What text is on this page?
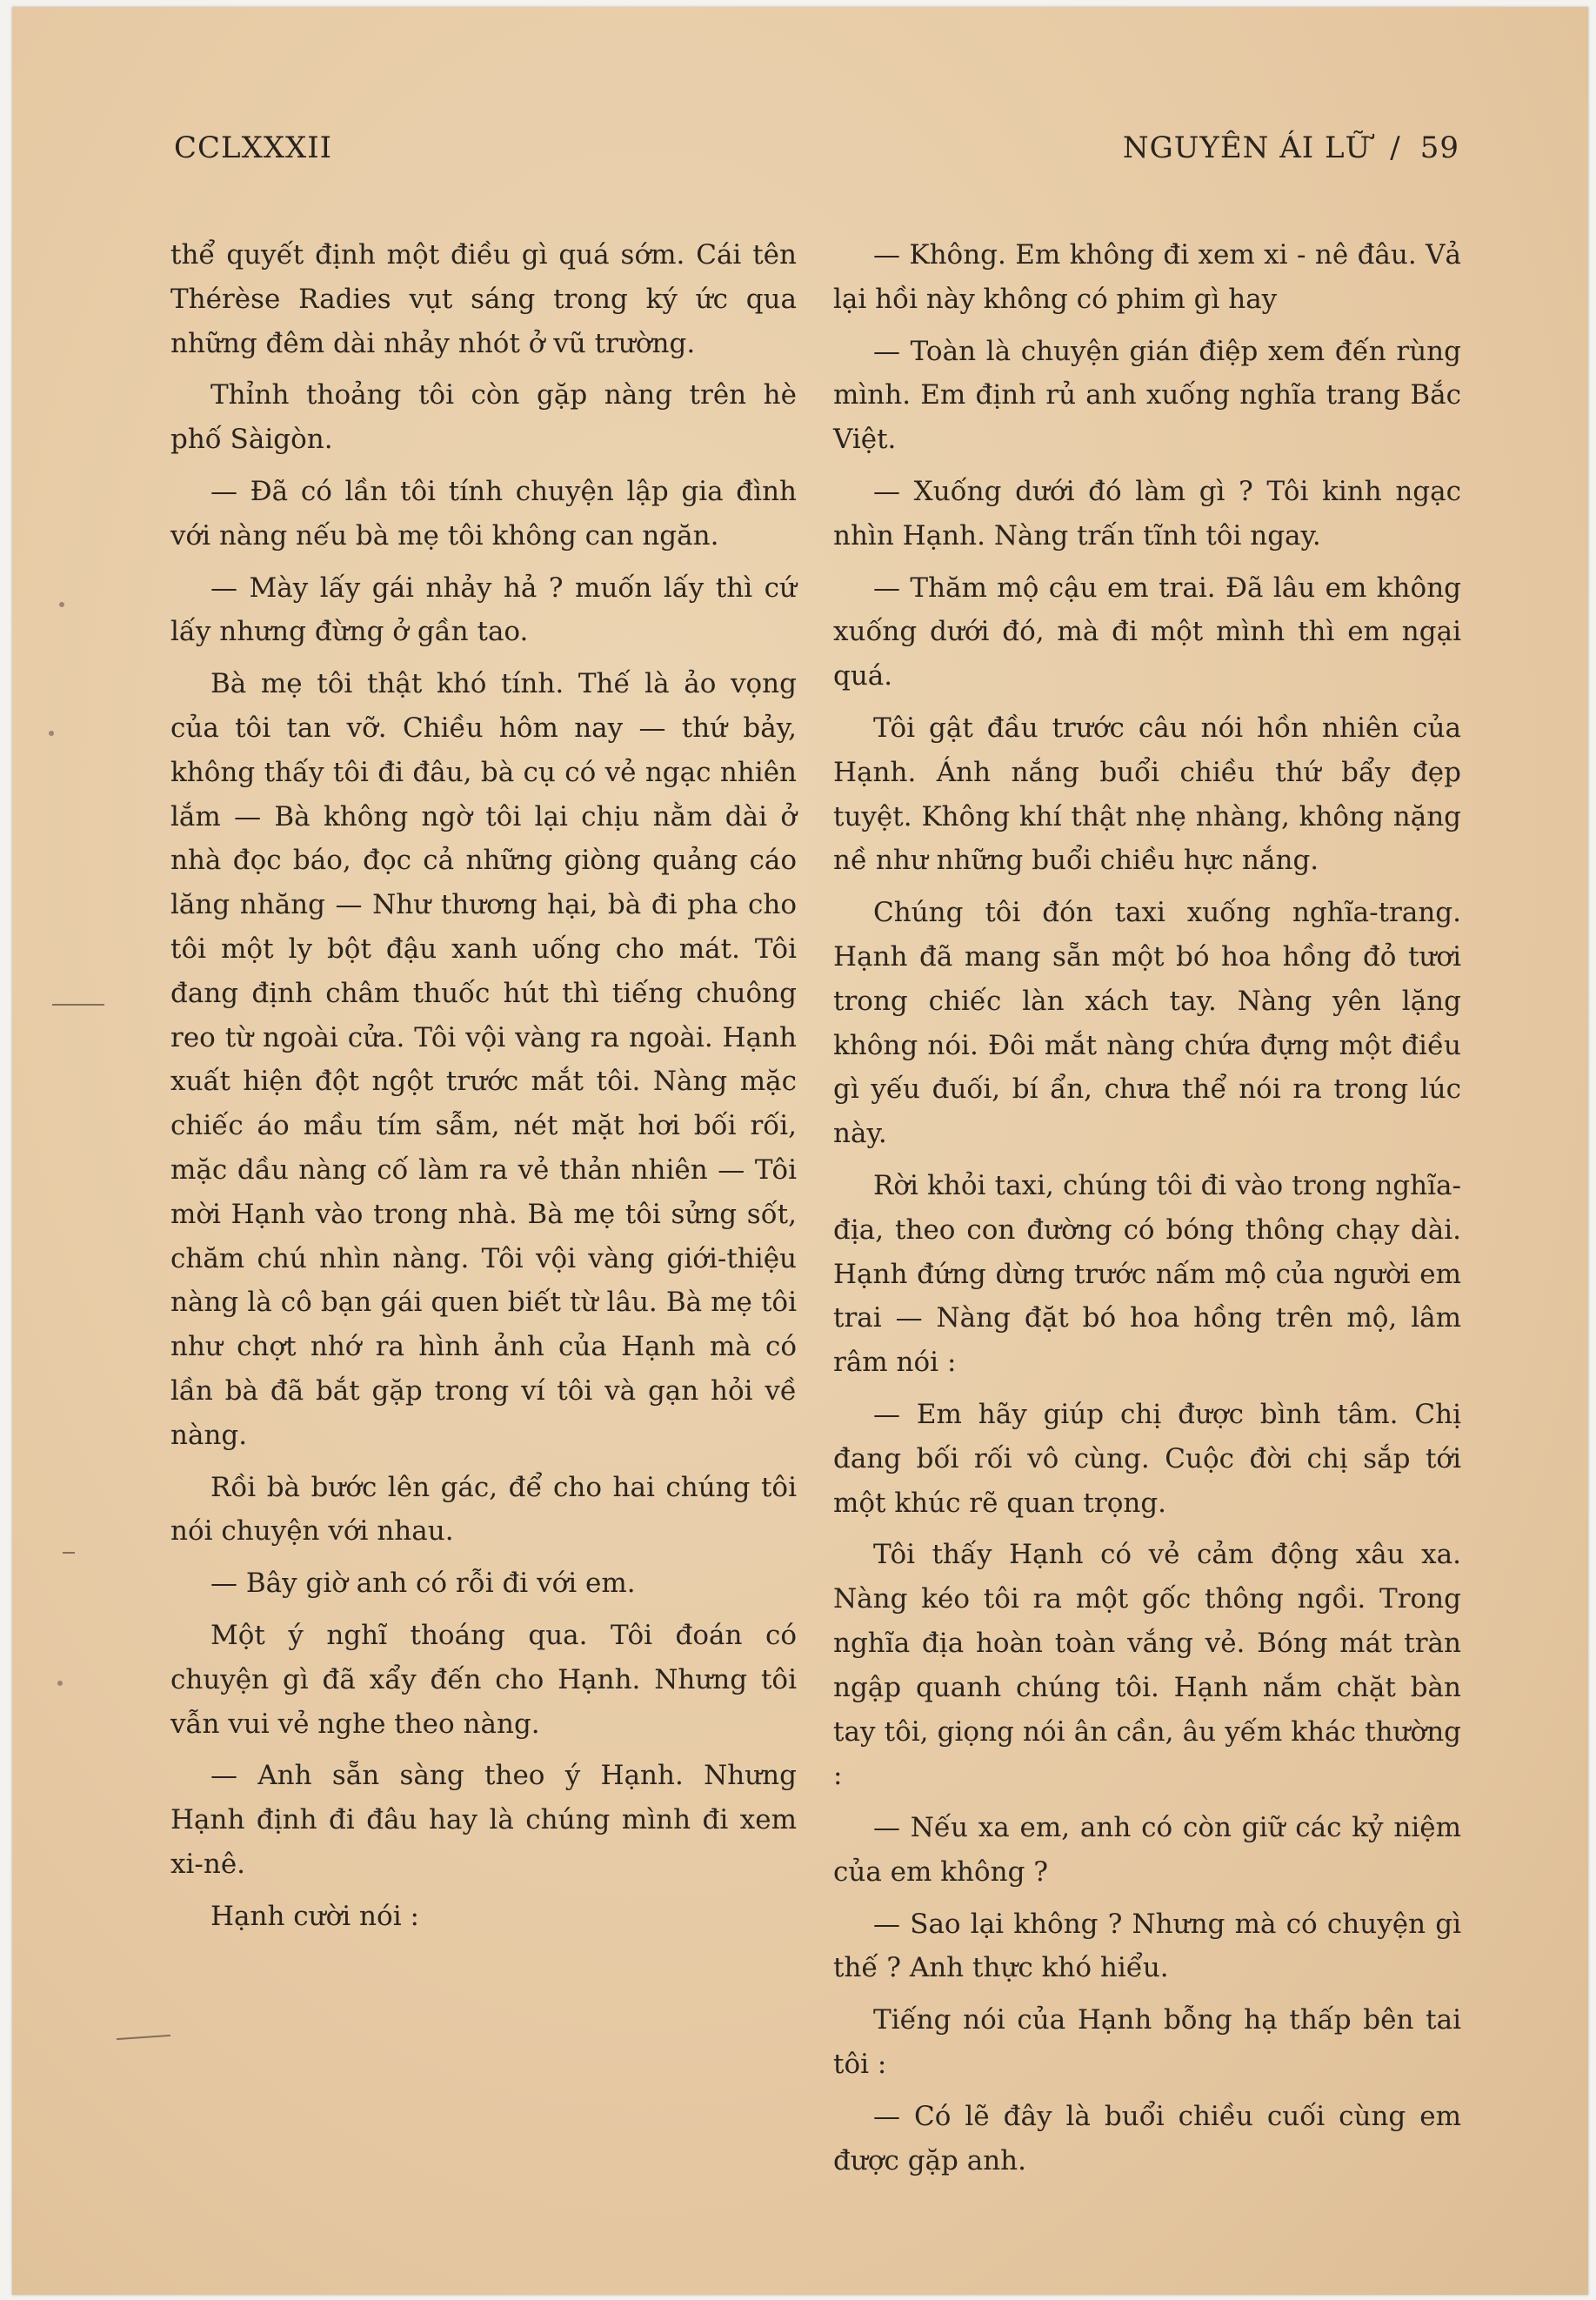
CCLXXXII	NGUYÊN ÁI LỮ / 59

thể quyết định một điều gì quá sớm. Cái tên Thérèse Radies vụt sáng trong ký ức qua những đêm dài nhảy nhót ở vũ trường.

Thỉnh thoảng tôi còn gặp nàng trên hè phố Sàigòn.

— Đã có lần tôi tính chuyện lập gia đình với nàng nếu bà mẹ tôi không can ngăn.

— Mày lấy gái nhảy hả ? muốn lấy thì cứ lấy nhưng đừng ở gần tao.

Bà mẹ tôi thật khó tính. Thế là ảo vọng của tôi tan vỡ. Chiều hôm nay — thứ bảy, không thấy tôi đi đâu, bà cụ có vẻ ngạc nhiên lắm — Bà không ngờ tôi lại chịu nằm dài ở nhà đọc báo, đọc cả những giòng quảng cáo lăng nhăng — Như thương hại, bà đi pha cho tôi một ly bột đậu xanh uống cho mát. Tôi đang định châm thuốc hút thì tiếng chuông reo từ ngoài cửa. Tôi vội vàng ra ngoài. Hạnh xuất hiện đột ngột trước mắt tôi. Nàng mặc chiếc áo mầu tím sẫm, nét mặt hơi bối rối, mặc dầu nàng cố làm ra vẻ thản nhiên — Tôi mời Hạnh vào trong nhà. Bà mẹ tôi sửng sốt, chăm chú nhìn nàng. Tôi vội vàng giới-thiệu nàng là cô bạn gái quen biết từ lâu. Bà mẹ tôi như chợt nhớ ra hình ảnh của Hạnh mà có lần bà đã bắt gặp trong ví tôi và gạn hỏi về nàng.

Rồi bà bước lên gác, để cho hai chúng tôi nói chuyện với nhau.

— Bây giờ anh có rỗi đi với em.

Một ý nghĩ thoáng qua. Tôi đoán có chuyện gì đã xẩy đến cho Hạnh. Nhưng tôi vẫn vui vẻ nghe theo nàng.

— Anh sẵn sàng theo ý Hạnh. Nhưng Hạnh định đi đâu hay là chúng mình đi xem xi-nê.

Hạnh cười nói :

— Không. Em không đi xem xi - nê đâu. Vả lại hồi này không có phim gì hay

— Toàn là chuyện gián điệp xem đến rùng mình. Em định rủ anh xuống nghĩa trang Bắc Việt.

— Xuống dưới đó làm gì ? Tôi kinh ngạc nhìn Hạnh. Nàng trấn tĩnh tôi ngay.

— Thăm mộ cậu em trai. Đã lâu em không xuống dưới đó, mà đi một mình thì em ngại quá.

Tôi gật đầu trước câu nói hồn nhiên của Hạnh. Ánh nắng buổi chiều thứ bẩy đẹp tuyệt. Không khí thật nhẹ nhàng, không nặng nề như những buổi chiều hực nắng.

Chúng tôi đón taxi xuống nghĩa-trang. Hạnh đã mang sẵn một bó hoa hồng đỏ tươi trong chiếc làn xách tay. Nàng yên lặng không nói. Đôi mắt nàng chứa đựng một điều gì yếu đuối, bí ẩn, chưa thể nói ra trong lúc này.

Rời khỏi taxi, chúng tôi đi vào trong nghĩa-địa, theo con đường có bóng thông chạy dài. Hạnh đứng dừng trước nấm mộ của người em trai — Nàng đặt bó hoa hồng trên mộ, lâm râm nói :

— Em hãy giúp chị được bình tâm. Chị đang bối rối vô cùng. Cuộc đời chị sắp tới một khúc rẽ quan trọng.

Tôi thấy Hạnh có vẻ cảm động xâu xa. Nàng kéo tôi ra một gốc thông ngồi. Trong nghĩa địa hoàn toàn vắng vẻ. Bóng mát tràn ngập quanh chúng tôi. Hạnh nắm chặt bàn tay tôi, giọng nói ân cần, âu yếm khác thường :

— Nếu xa em, anh có còn giữ các kỷ niệm của em không ?

— Sao lại không ? Nhưng mà có chuyện gì thế ? Anh thực khó hiểu.

Tiếng nói của Hạnh bỗng hạ thấp bên tai tôi :

— Có lẽ đây là buổi chiều cuối cùng em được gặp anh.
